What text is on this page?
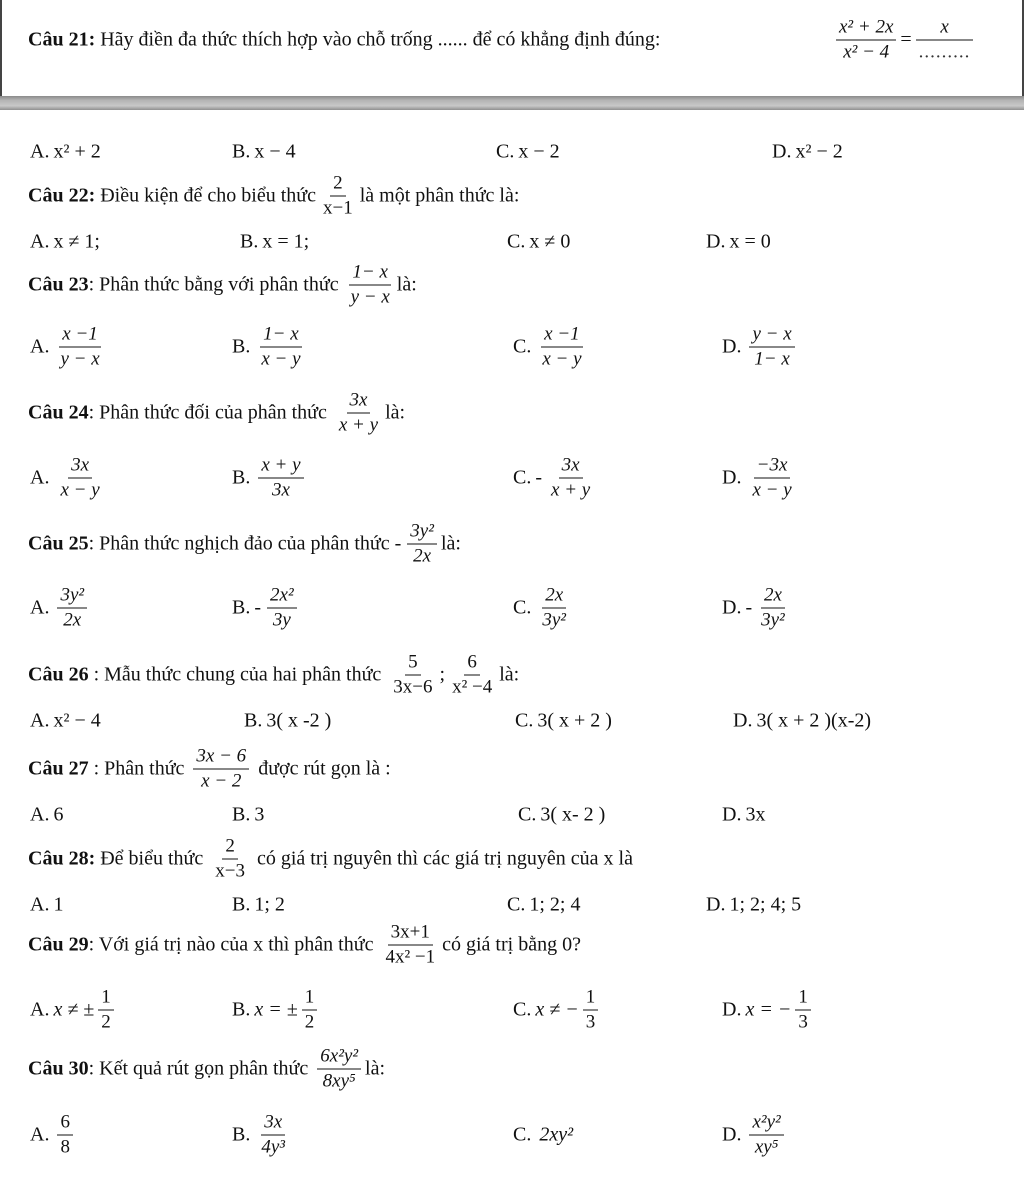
Câu 21:
Hãy điền đa thức thích hợp vào chỗ trống ...... để có khẳng định đúng:
	$\frac{\text{x² + 2x}}{\text{x² − 4}} = \frac{x}{.........}$
A. x² + 2	B. x − 4	C. x − 2	D. x² − 2
Câu 22:
Điều kiện để cho biểu thức $\frac{2}{x-1}$ là một phân thức là:
A. x ≠ 1;	B. x = 1;	C. x ≠ 0	D. x = 0
Câu 23 : Phân thức bằng với phân thức
$\frac{1- x}{y - x}$ là:
A. $\frac{x -1}{y - x}$	B. $\frac{1- x}{x - y}$	C. $\frac{x -1}{x - y}$	D. $\frac{y - x}{1- x}$
Câu 24 : Phân thức đối của phân thức
$\frac{3x}{x + y}$ là:
A. $\frac{3x}{x - y}$	B. $\frac{x + y}{3x}$	C. - $\frac{3x}{x + y}$	D. $\frac{-3x}{x - y}$
Câu 25 : Phân thức nghịch đảo của phân thức
- $\frac{\text{3y²}}{2x}$ là:
A. $\frac{\text{3y²}}{2x}$	B. - $\frac{\text{2x²}}{3y}$	C. $\frac{2x}{\text{3y²}}$	D. - $\frac{2x}{\text{3y²}}$
Câu 26
: Mẫu thức chung của hai phân thức
$\frac{5}{3x-6}$ ; $\frac{6}{\text{x² −4}}$ là:
A. x² − 4	B. 3( x -2 )	C. 3( x + 2 )	D. 3( x + 2 )(x-2)
Câu 27
: Phân thức
$\frac{3x - 6}{x - 2}$
được rút gọn là :
A. 6	B. 3	C. 3( x- 2 )	D. 3x
Câu 28:
Để biểu thức
$\frac{2}{x-3}$
có giá trị nguyên thì các giá trị nguyên của x là
A. 1	B. 1; 2	C. 1; 2; 4	D. 1; 2; 4; 5
Câu 29 : Với giá trị nào của x thì phân thức
$\frac{3x+1}{\text{4x² −1}}$ có giá trị bằng 0?
A. x ≠ ± $\frac{1}{2}$	B. x = ± $\frac{1}{2}$	C. x ≠ − $\frac{1}{3}$	D. x = − $\frac{1}{3}$
Câu 30 : Kết quả rút gọn phân thức
$\frac{\text{6x²y²}}{\text{8xy⁵}}$ là:
A. $\frac{6}{8}$	B. $\frac{3x}{\text{4y³}}$	C. 2xy²	D. $\frac{\text{x²y²}}{\text{xy⁵}}$
